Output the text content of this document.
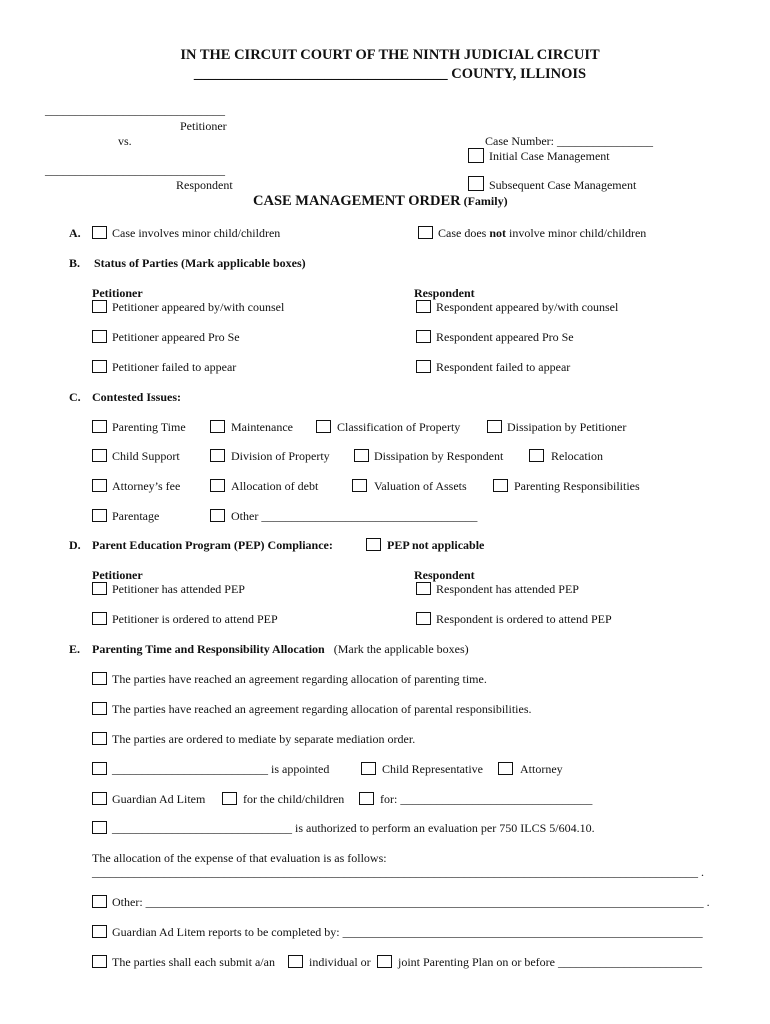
IN THE CIRCUIT COURT OF THE NINTH JUDICIAL CIRCUIT
___________________________________ COUNTY, ILLINOIS
______________________________
Petitioner
vs.
______________________________
Respondent
Case Number: ________________
Initial Case Management
Subsequent Case Management
CASE MANAGEMENT ORDER (Family)
A.	Case involves minor child/children	Case does not involve minor child/children
B. Status of Parties (Mark applicable boxes)
Petitioner	Respondent
Petitioner appeared by/with counsel	Respondent appeared by/with counsel
Petitioner appeared Pro Se	Respondent appeared Pro Se
Petitioner failed to appear	Respondent failed to appear
C. Contested Issues:
Parenting Time	Maintenance	Classification of Property	Dissipation by Petitioner
Child Support	Division of Property	Dissipation by Respondent	Relocation
Attorney’s fee	Allocation of debt	Valuation of Assets	Parenting Responsibilities
Parentage	Other ____________________________________
D. Parent Education Program (PEP) Compliance:	PEP not applicable
Petitioner	Respondent
Petitioner has attended PEP	Respondent has attended PEP
Petitioner is ordered to attend PEP	Respondent is ordered to attend PEP
E. Parenting Time and Responsibility Allocation (Mark the applicable boxes)
The parties have reached an agreement regarding allocation of parenting time.
The parties have reached an agreement regarding allocation of parental responsibilities.
The parties are ordered to mediate by separate mediation order.
__________________________ is appointed	Child Representative	Attorney
Guardian Ad Litem	for the child/children	for: ________________________________
______________________________ is authorized to perform an evaluation per 750 ILCS 5/604.10.
The allocation of the expense of that evaluation is as follows:
_____________________________________________________________________________________________________ .
Other: _____________________________________________________________________________________________ .
Guardian Ad Litem reports to be completed by: ____________________________________________________________
The parties shall each submit a/an	individual or joint Parenting Plan on or before ________________________
